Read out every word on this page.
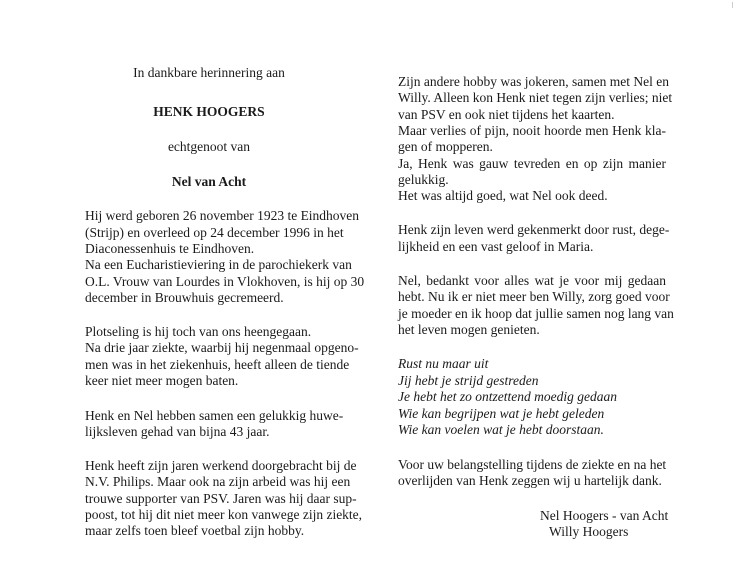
In dankbare herinnering aan
HENK HOOGERS
echtgenoot van
Nel van Acht
Hij werd geboren 26 november 1923 te Eindhoven
(Strijp) en overleed op 24 december 1996 in het
Diaconessenhuis te Eindhoven.
Na een Eucharistieviering in de parochiekerk van
O.L. Vrouw van Lourdes in Vlokhoven, is hij op 30
december in Brouwhuis gecremeerd.
Plotseling is hij toch van ons heengegaan.
Na drie jaar ziekte, waarbij hij negenmaal opgeno-
men was in het ziekenhuis, heeft alleen de tiende
keer niet meer mogen baten.
Henk en Nel hebben samen een gelukkig huwe-
lijksleven gehad van bijna 43 jaar.
Henk heeft zijn jaren werkend doorgebracht bij de
N.V. Philips. Maar ook na zijn arbeid was hij een
trouwe supporter van PSV. Jaren was hij daar sup-
poost, tot hij dit niet meer kon vanwege zijn ziekte,
maar zelfs toen bleef voetbal zijn hobby.
Zijn andere hobby was jokeren, samen met Nel en
Willy. Alleen kon Henk niet tegen zijn verlies; niet
van PSV en ook niet tijdens het kaarten.
Maar verlies of pijn, nooit hoorde men Henk kla-
gen of mopperen.
Ja, Henk was gauw tevreden en op zijn manier
gelukkig.
Het was altijd goed, wat Nel ook deed.
Henk zijn leven werd gekenmerkt door rust, dege-
lijkheid en een vast geloof in Maria.
Nel, bedankt voor alles wat je voor mij gedaan
hebt. Nu ik er niet meer ben Willy, zorg goed voor
je moeder en ik hoop dat jullie samen nog lang van
het leven mogen genieten.
Rust nu maar uit
Jij hebt je strijd gestreden
Je hebt het zo ontzettend moedig gedaan
Wie kan begrijpen wat je hebt geleden
Wie kan voelen wat je hebt doorstaan.
Voor uw belangstelling tijdens de ziekte en na het
overlijden van Henk zeggen wij u hartelijk dank.
Nel Hoogers - van Acht
Willy Hoogers
